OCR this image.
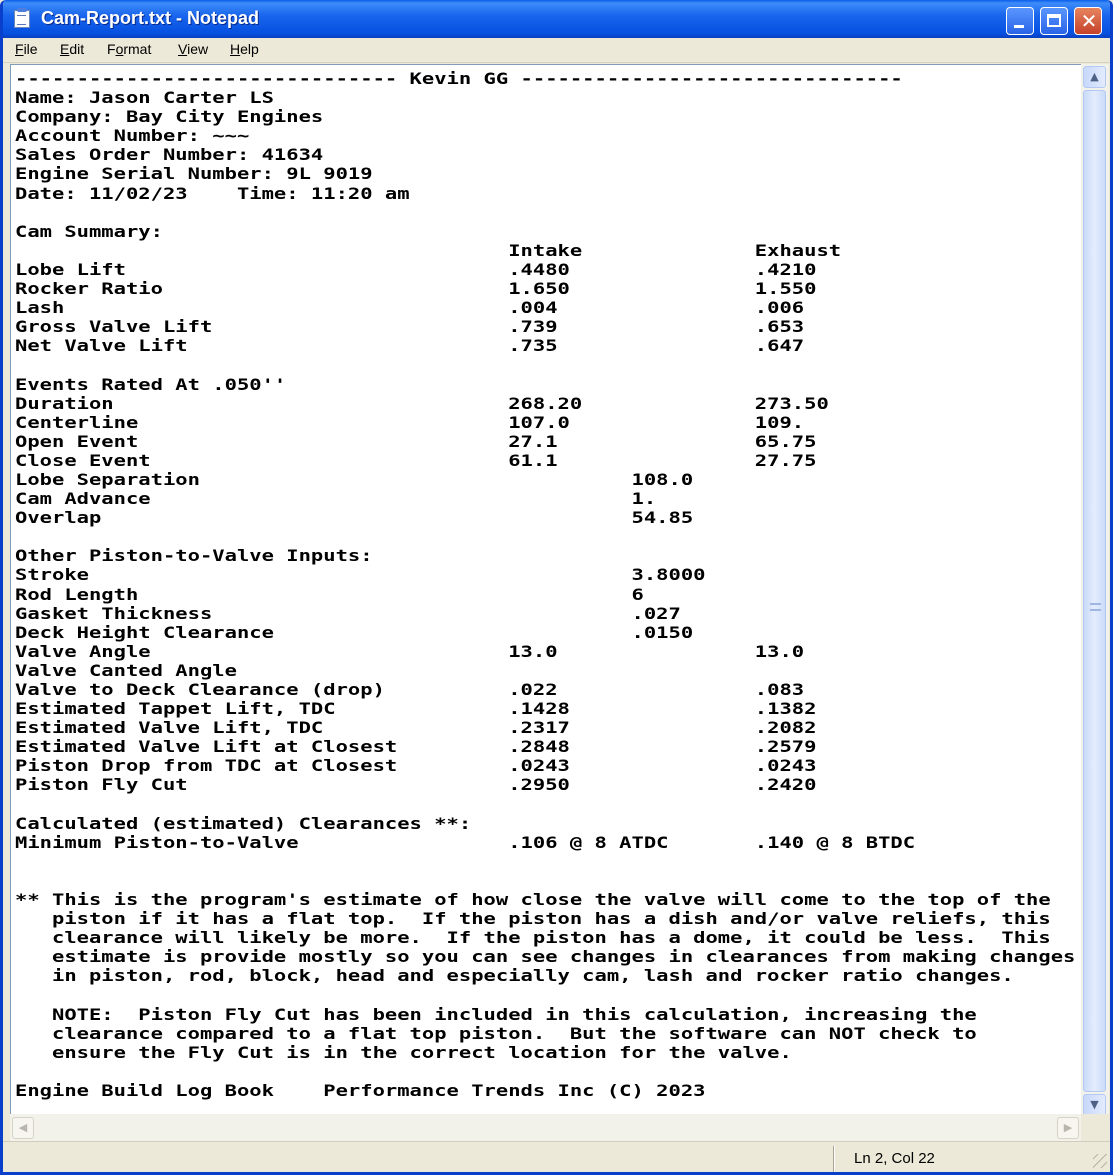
Cam-Report.txt - Notepad	✕
File Edit Format View Help
------------------------------- Kevin GG -------------------------------
Name: Jason Carter LS
Company: Bay City Engines
Account Number: ~~~
Sales Order Number: 41634
Engine Serial Number: 9L 9019
Date: 11/02/23    Time: 11:20 am
Cam Summary:
Intake              Exhaust
Lobe Lift                               .4480               .4210
Rocker Ratio                            1.650               1.550
Lash                                    .004                .006
Gross Valve Lift                        .739                .653
Net Valve Lift                          .735                .647
Events Rated At .050''
Duration                                268.20              273.50
Centerline                              107.0               109.
Open Event                              27.1                65.75
Close Event                             61.1                27.75
Lobe Separation                                   108.0
Cam Advance                                       1.
Overlap                                           54.85
Other Piston-to-Valve Inputs:
Stroke                                            3.8000
Rod Length                                        6
Gasket Thickness                                  .027
Deck Height Clearance                             .0150
Valve Angle                             13.0                13.0
Valve Canted Angle
Valve to Deck Clearance (drop)          .022                .083
Estimated Tappet Lift, TDC              .1428               .1382
Estimated Valve Lift, TDC               .2317               .2082
Estimated Valve Lift at Closest         .2848               .2579
Piston Drop from TDC at Closest         .0243               .0243
Piston Fly Cut                          .2950               .2420
Calculated (estimated) Clearances **:
Minimum Piston-to-Valve                 .106 @ 8 ATDC       .140 @ 8 BTDC
** This is the program's estimate of how close the valve will come to the top of the
piston if it has a flat top.  If the piston has a dish and/or valve reliefs, this
clearance will likely be more.  If the piston has a dome, it could be less.  This
estimate is provide mostly so you can see changes in clearances from making changes
in piston, rod, block, head and especially cam, lash and rocker ratio changes.
NOTE:  Piston Fly Cut has been included in this calculation, increasing the
clearance compared to a flat top piston.  But the software can NOT check to
ensure the Fly Cut is in the correct location for the valve.
Engine Build Log Book    Performance Trends Inc (C) 2023
▲
▼
◀	▶
Ln 2, Col 22
